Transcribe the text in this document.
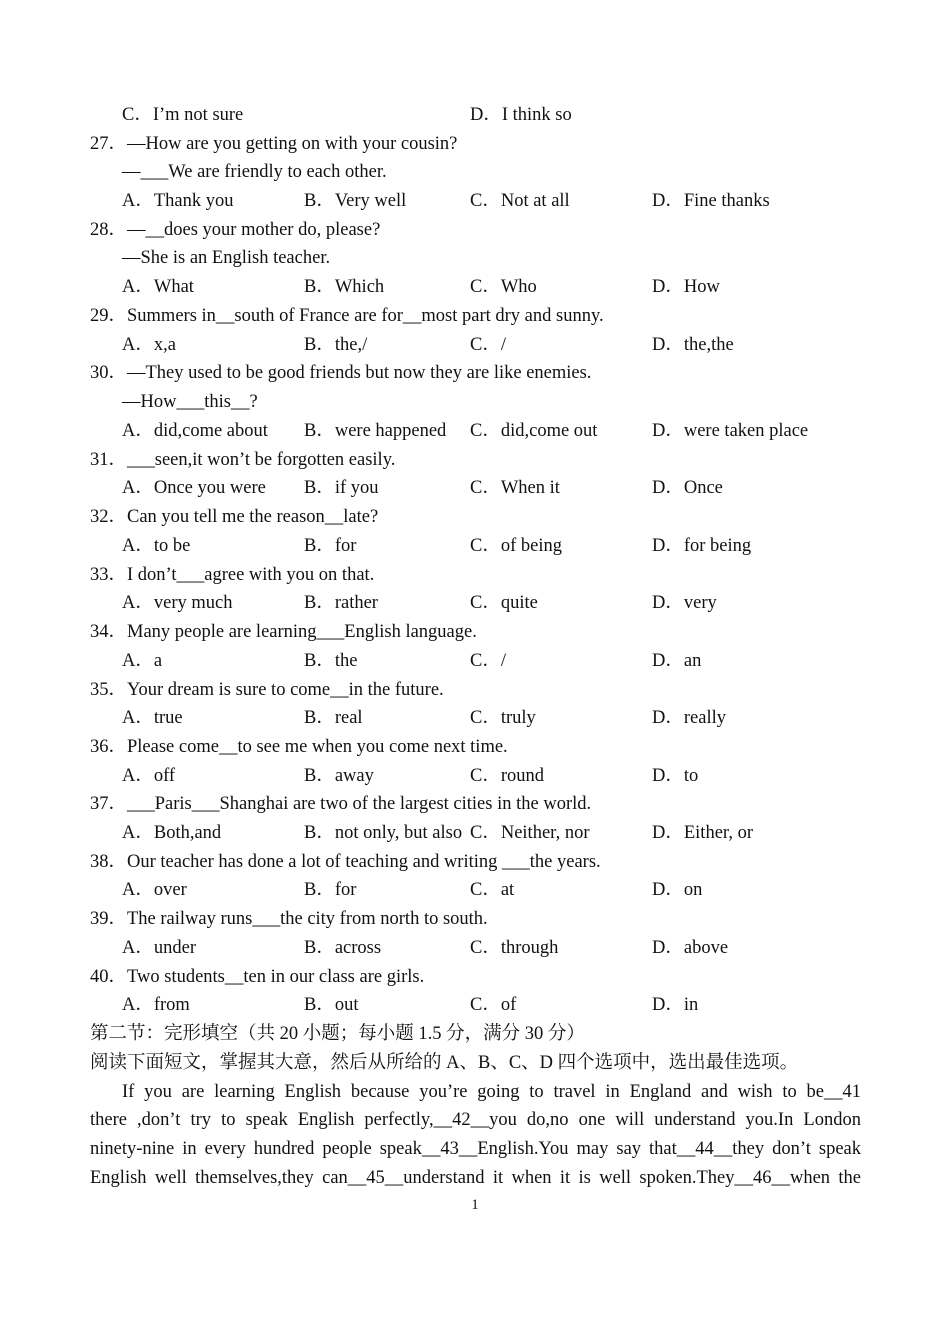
C．I’m not sure	D．I think so
27．—How are you getting on with your cousin?
—___We are friendly to each other.
A．Thank you	B．Very well	C．Not at all	D．Fine thanks
28．—__does your mother do, please?
—She is an English teacher.
A．What	B．Which	C．Who	D．How
29．Summers in__south of France are for__most part dry and sunny.
A．x,a	B．the,/	C．/	D．the,the
30．—They used to be good friends but now they are like enemies.
—How___this__?
A．did,come about B．were happened C．did,come out	D．were taken place
31．___seen,it won’t be forgotten easily.
A．Once you were B．if you	C．When it	D．Once
32．Can you tell me the reason__late?
A．to be	B．for	C．of being	D．for being
33．I don’t___agree with you on that.
A．very much	B．rather	C．quite	D．very
34．Many people are learning___English language.
A．a	B．the	C．/	D．an
35．Your dream is sure to come__in the future.
A．true	B．real	C．truly	D．really
36．Please come__to see me when you come next time.
A．off	B．away	C．round	D．to
37．___Paris___Shanghai are two of the largest cities in the world.
A．Both,and	B．not only, but also C．Neither, nor	D．Either, or
38．Our teacher has done a lot of teaching and writing ___the years.
A．over	B．for	C．at	D．on
39．The railway runs___the city from north to south.
A．under	B．across	C．through	D．above
40．Two students__ten in our class are girls.
A．from	B．out	C．of	D．in
第二节：完形填空（共 20 小题；每小题 1.5 分，满分 30 分）
阅读下面短文，掌握其大意，然后从所给的 A、B、C、D 四个选项中，选出最佳选项。
If you are learning English because you’re going to travel in England and wish to be__41
there ,don’t try to speak English perfectly,__42__you do,no one will understand you.In London
ninety-nine in every hundred people speak__43__English.You may say that__44__they don’t speak
English well themselves,they can__45__understand it when it is well spoken.They__46__when the
1
